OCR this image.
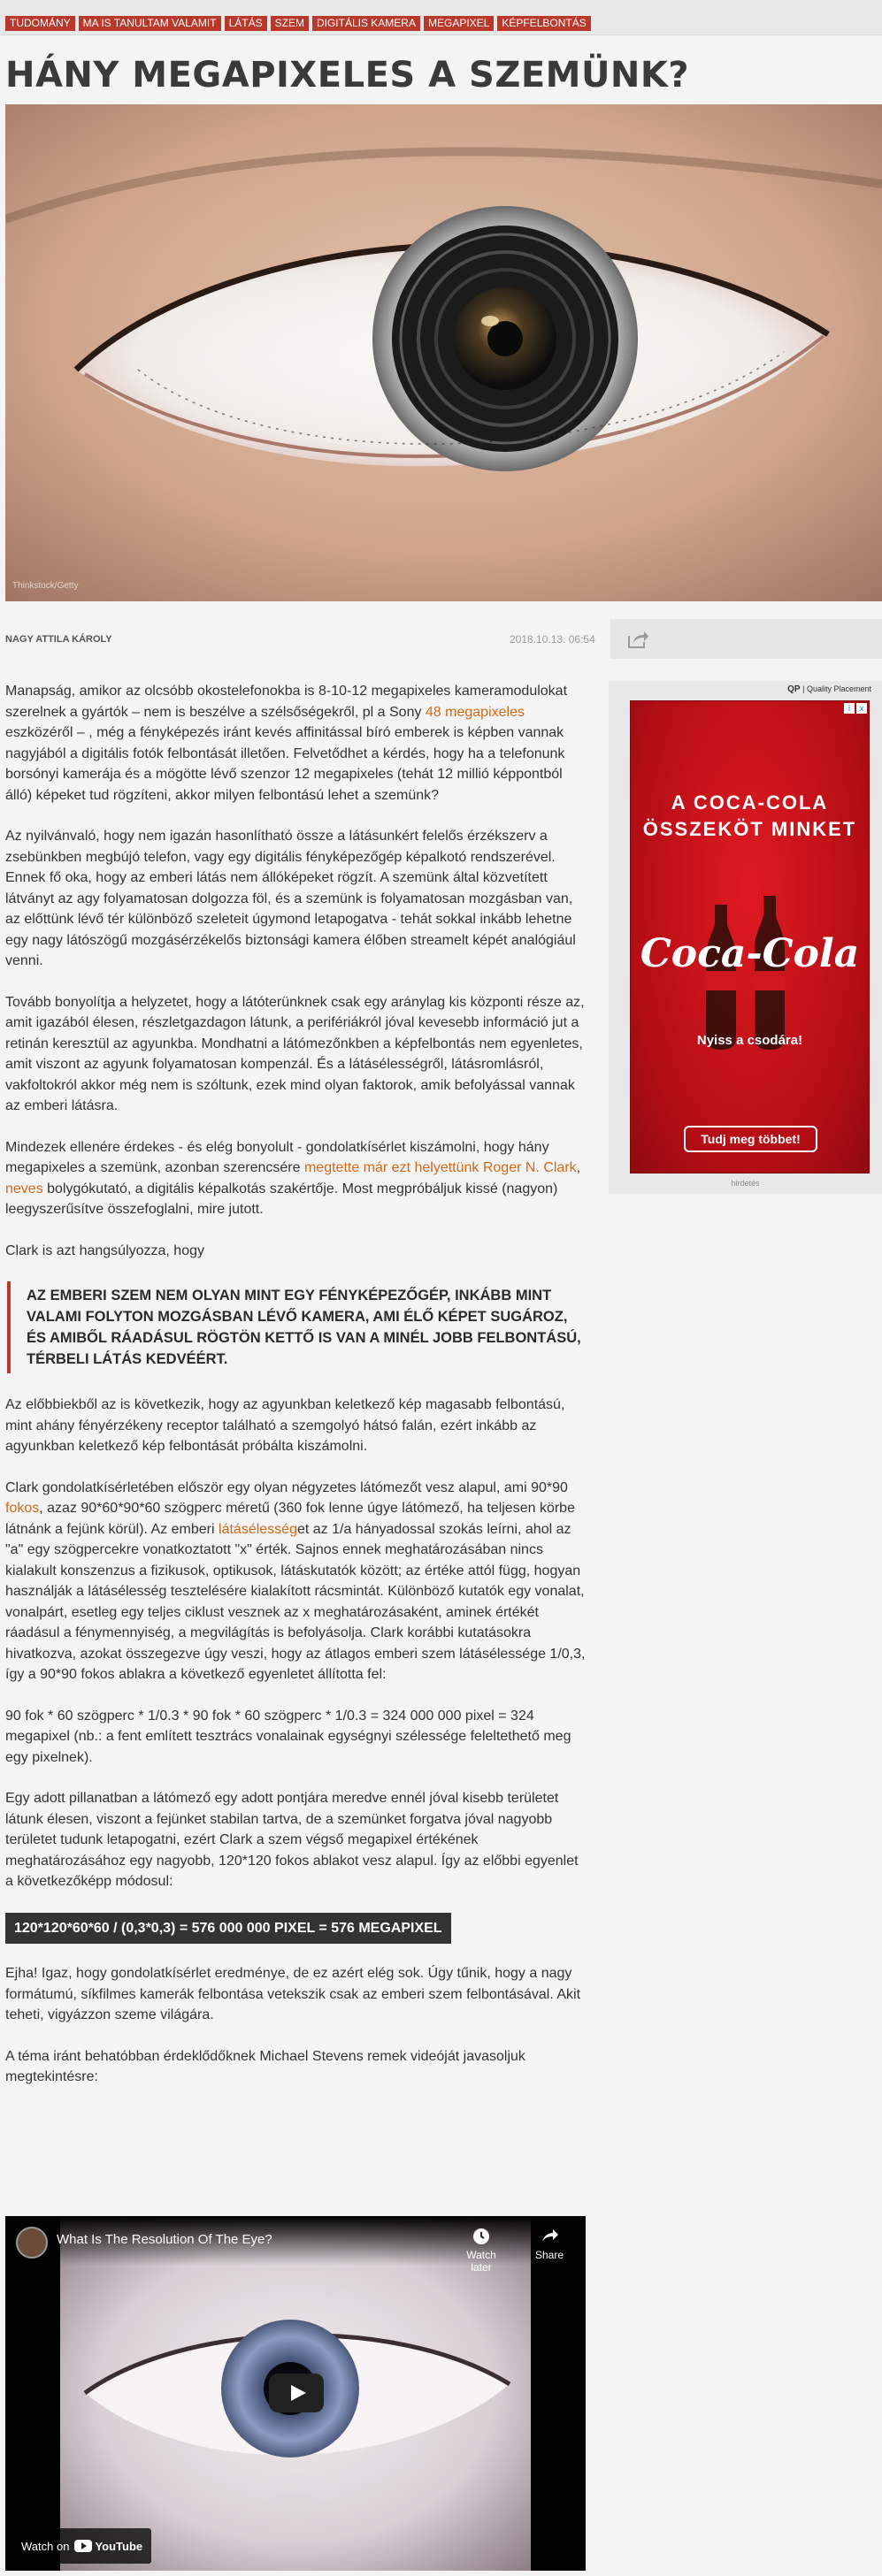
TUDOMÁNY	MA IS TANULTAM VALAMIT	LÁTÁS	SZEM	DIGITÁLIS KAMERA	MEGAPIXEL	KÉPFELBONTÁS
HÁNY MEGAPIXELES A SZEMÜNK?
Thinkstock/Getty
NAGY ATTILA KÁROLY	2018.10.13. 06:54

Manapság, amikor az olcsóbb okostelefonokba is 8-10-12 megapixeles kameramodulokat szerelnek a gyártók – nem is beszélve a szélsőségekről, pl a Sony 48 megapixeles eszközéről – , még a fényképezés iránt kevés affinitással bíró emberek is képben vannak nagyjából a digitális fotók felbontását illetően. Felvetődhet a kérdés, hogy ha a telefonunk borsónyi kamerája és a mögötte lévő szenzor 12 megapixeles (tehát 12 millió képpontból álló) képeket tud rögzíteni, akkor milyen felbontású lehet a szemünk?

Az nyilvánvaló, hogy nem igazán hasonlítható össze a látásunkért felelős érzékszerv a zsebünkben megbújó telefon, vagy egy digitális fényképezőgép képalkotó rendszerével. Ennek fő oka, hogy az emberi látás nem állóképeket rögzít. A szemünk által közvetített látványt az agy folyamatosan dolgozza föl, és a szemünk is folyamatosan mozgásban van, az előttünk lévő tér különböző szeleteit úgymond letapogatva - tehát sokkal inkább lehetne egy nagy látószögű mozgásérzékelős biztonsági kamera élőben streamelt képét analógiául venni.

Tovább bonyolítja a helyzetet, hogy a látóterünknek csak egy aránylag kis központi része az, amit igazából élesen, részletgazdagon látunk, a perifériákról jóval kevesebb információ jut a retinán keresztül az agyunkba. Mondhatni a látómezőnkben a képfelbontás nem egyenletes, amit viszont az agyunk folyamatosan kompenzál. És a látásélességről, látásromlásról, vakfoltokról akkor még nem is szóltunk, ezek mind olyan faktorok, amik befolyással vannak az emberi látásra.

Mindezek ellenére érdekes - és elég bonyolult - gondolatkísérlet kiszámolni, hogy hány megapixeles a szemünk, azonban szerencsére megtette már ezt helyettünk Roger N. Clark, neves bolygókutató, a digitális képalkotás szakértője. Most megpróbáljuk kissé (nagyon) leegyszerűsítve összefoglalni, mire jutott.

Clark is azt hangsúlyozza, hogy

AZ EMBERI SZEM NEM OLYAN MINT EGY FÉNYKÉPEZŐGÉP, INKÁBB MINT VALAMI FOLYTON MOZGÁSBAN LÉVŐ KAMERA, AMI ÉLŐ KÉPET SUGÁROZ, ÉS AMIBŐL RÁADÁSUL RÖGTÖN KETTŐ IS VAN A MINÉL JOBB FELBONTÁSÚ, TÉRBELI LÁTÁS KEDVÉÉRT.

Az előbbiekből az is következik, hogy az agyunkban keletkező kép magasabb felbontású, mint ahány fényérzékeny receptor található a szemgolyó hátsó falán, ezért inkább az agyunkban keletkező kép felbontását próbálta kiszámolni.

Clark gondolatkísérletében először egy olyan négyzetes látómezőt vesz alapul, ami 90*90 fokos, azaz 90*60*90*60 szögperc méretű (360 fok lenne úgye látómező, ha teljesen körbe látnánk a fejünk körül). Az emberi látásélességet az 1/a hányadossal szokás leírni, ahol az "a" egy szögpercekre vonatkoztatott "x" érték. Sajnos ennek meghatározásában nincs kialakult konszenzus a fizikusok, optikusok, látáskutatók között; az értéke attól függ, hogyan használják a látásélesség tesztelésére kialakított rácsmintát. Különböző kutatók egy vonalat, vonalpárt, esetleg egy teljes ciklust vesznek az x meghatározásaként, aminek értékét ráadásul a fénymennyiség, a megvilágítás is befolyásolja. Clark korábbi kutatásokra hivatkozva, azokat összegezve úgy veszi, hogy az átlagos emberi szem látásélessége 1/0,3, így a 90*90 fokos ablakra a következő egyenletet állította fel:

90 fok * 60 szögperc * 1/0.3 * 90 fok * 60 szögperc * 1/0.3 = 324 000 000 pixel = 324 megapixel (nb.: a fent említett tesztrács vonalainak egységnyi szélessége feleltethető meg egy pixelnek).

Egy adott pillanatban a látómező egy adott pontjára meredve ennél jóval kisebb területet látunk élesen, viszont a fejünket stabilan tartva, de a szemünket forgatva jóval nagyobb területet tudunk letapogatni, ezért Clark a szem végső megapixel értékének meghatározásához egy nagyobb, 120*120 fokos ablakot vesz alapul. Így az előbbi egyenlet a következőképp módosul:

120*120*60*60 / (0,3*0,3) = 576 000 000 PIXEL = 576 MEGAPIXEL

Ejha! Igaz, hogy gondolatkísérlet eredménye, de ez azért elég sok. Úgy tűnik, hogy a nagy formátumú, síkfilmes kamerák felbontása vetekszik csak az emberi szem felbontásával. Akit teheti, vigyázzon szeme világára.

A téma iránt behatóbban érdeklődőknek Michael Stevens remek videóját javasoljuk megtekintésre:

What Is The Resolution Of The Eye?
Watch later
Share
Watch on YouTube
QP | Quality Placement
i	x
A COCA-COLA ÖSSZEKÖT MINKET
Coca-Cola
Nyiss a csodára!
Tudj meg többet!
hirdetés
